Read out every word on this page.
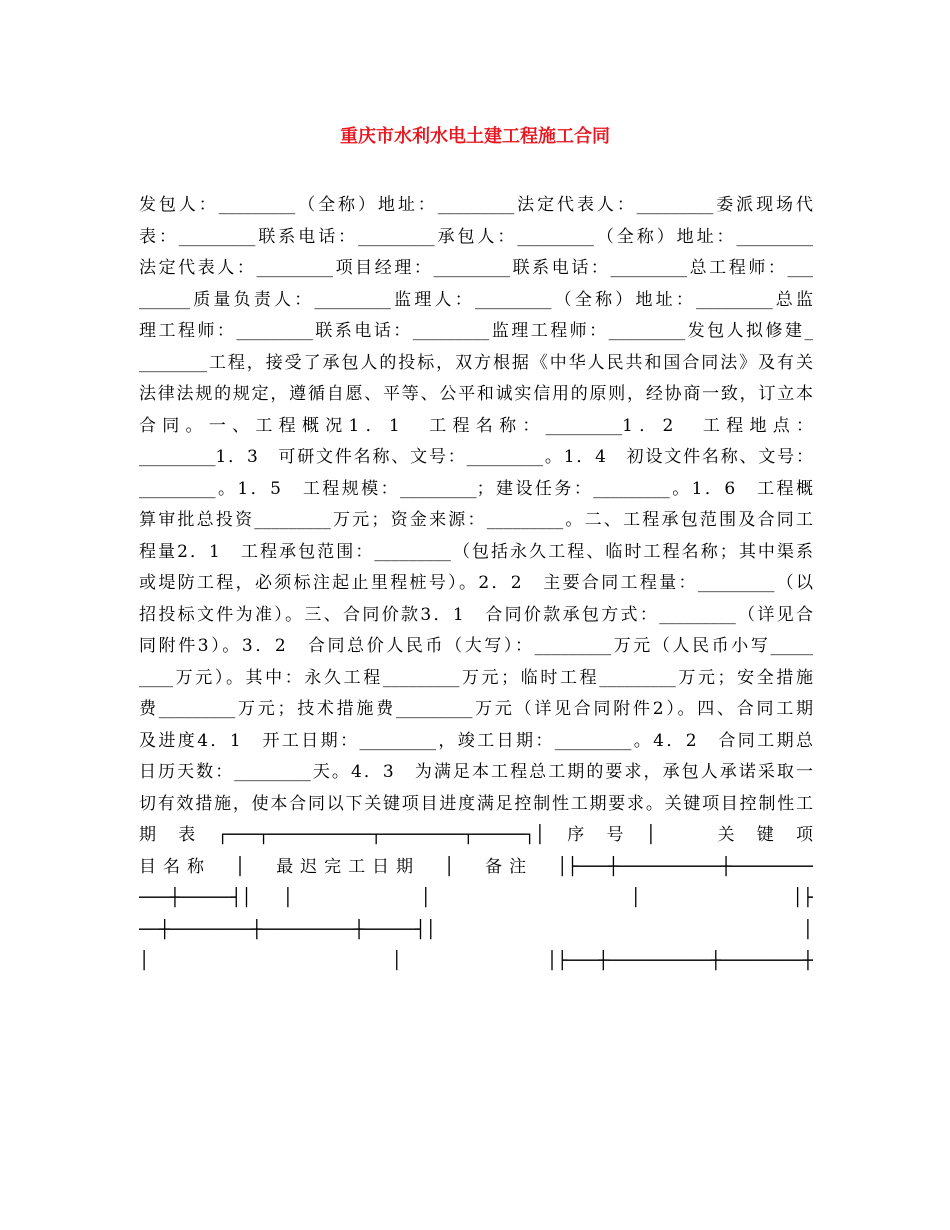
重庆市水利水电土建工程施工合同
发包人：_________（全称）地址：_________法定代表人：_________委派现场代
表：_________联系电话：_________承包人：_________（全称）地址：_________
法定代表人：_________项目经理：_________联系电话：_________总工程师：___
______质量负责人：_________监理人：_________（全称）地址：_________总监
理工程师：_________联系电话：_________监理工程师：_________发包人拟修建_
________工程，接受了承包人的投标，双方根据《中华人民共和国合同法》及有关
法律法规的规定，遵循自愿、平等、公平和诚实信用的原则，经协商一致，订立本
合同。一、工程概况1．1　工程名称：_________1．2　工程地点：
_________1．3　可研文件名称、文号：_________。1．4　初设文件名称、文号：
_________。1．5　工程规模：_________；建设任务：_________。1．6　工程概
算审批总投资_________万元；资金来源：_________。二、工程承包范围及合同工
程量2．1　工程承包范围：_________（包括永久工程、临时工程名称；其中渠系
或堤防工程，必须标注起止里程桩号）。2．2　主要合同工程量：_________（以
招投标文件为准）。三、合同价款3．1　合同价款承包方式：_________（详见合
同附件3）。3．2　合同总价人民币（大写）：_________万元（人民币小写_____
____万元）。其中：永久工程_________万元；临时工程_________万元；安全措施
费_________万元；技术措施费_________万元（详见合同附件2）。四、合同工期
及进度4．1　开工日期：_________，竣工日期：_________。4．2　合同工期总
日历天数：_________天。4．3　为满足本工程总工期的要求，承包人承诺采取一
切有效措施，使本合同以下关键项目进度满足控制性工期要求。关键项目控制性工
期表┌───┬──────────┬────────┬─────┐│序号│　关键项
目名称　│　最迟完工日期　│　备注　│├───┼──────────┼────────
───┼─────┤│　│　　　　　│　　　　　　　　│　　　　　　│├
──┼────────┼─────────┼─────┤│　│
│　　　　　　　│　　　　│├───┼──────────┼────────┼
